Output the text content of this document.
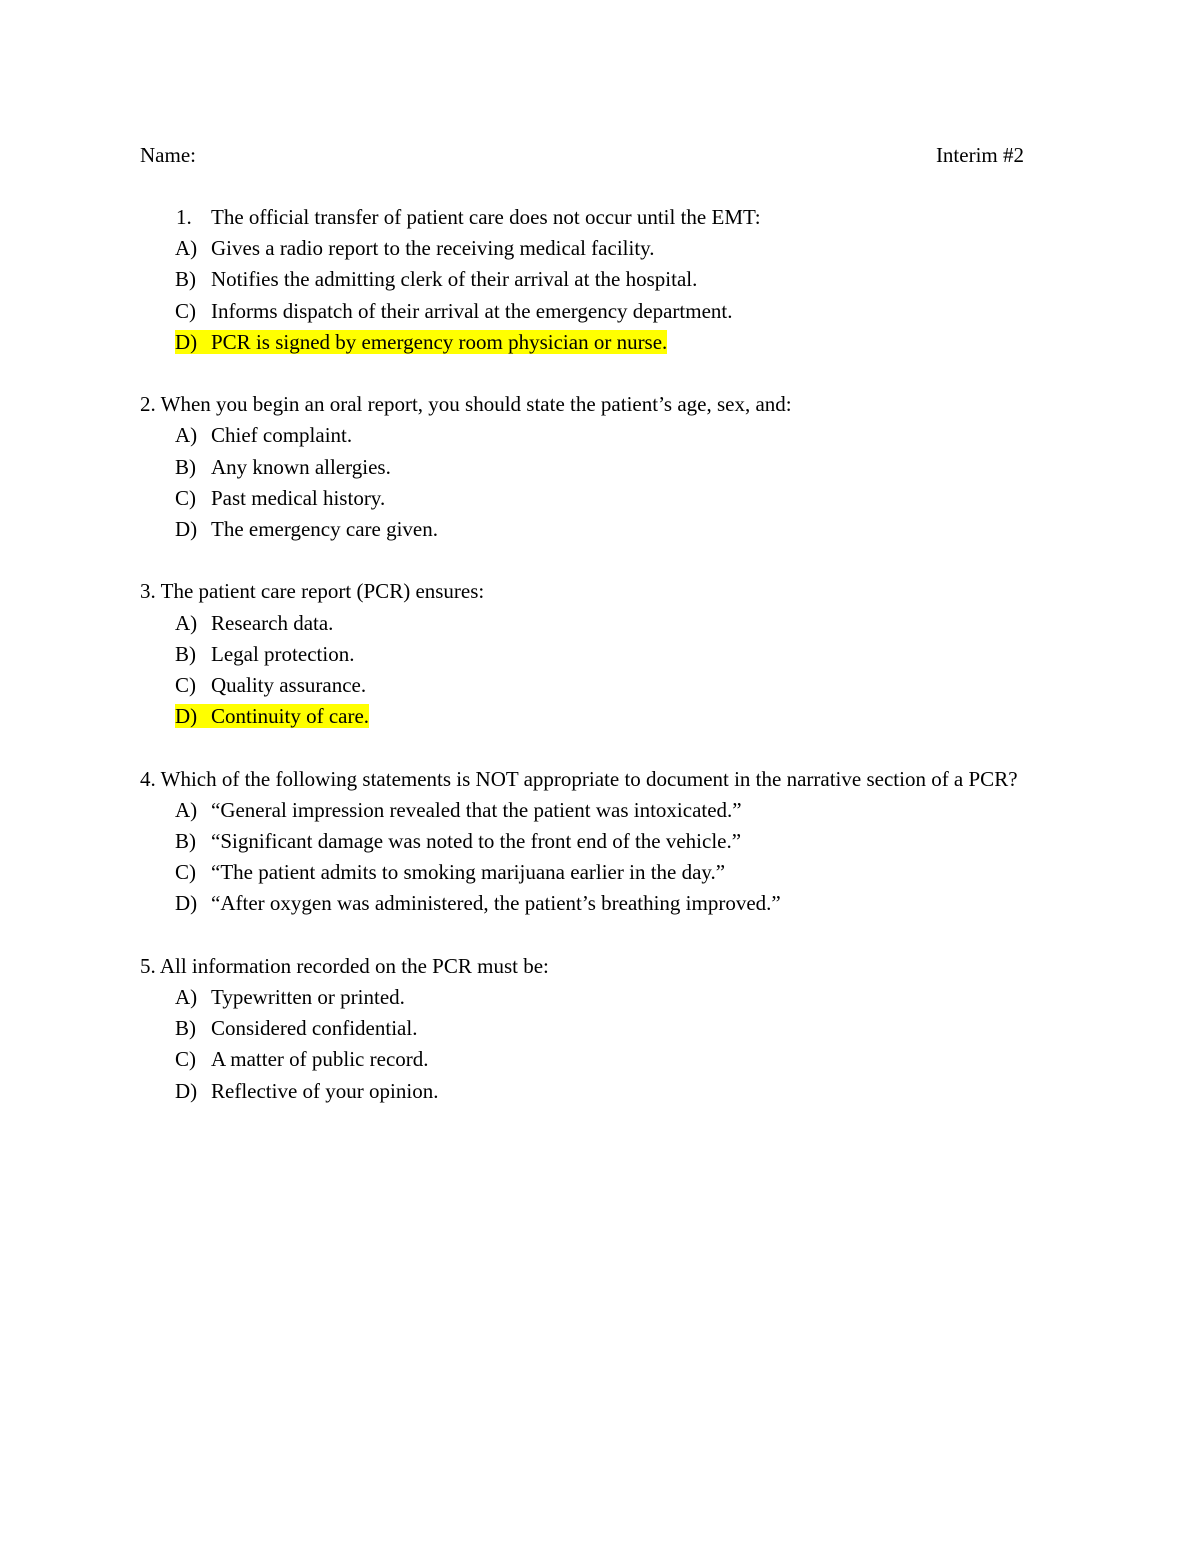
Name:	Interim #2
1. The official transfer of patient care does not occur until the EMT:
A) Gives a radio report to the receiving medical facility.
B) Notifies the admitting clerk of their arrival at the hospital.
C) Informs dispatch of their arrival at the emergency department.
D) PCR is signed by emergency room physician or nurse.
2. When you begin an oral report, you should state the patient’s age, sex, and:
A) Chief complaint.
B) Any known allergies.
C) Past medical history.
D) The emergency care given.
3. The patient care report (PCR) ensures:
A) Research data.
B) Legal protection.
C) Quality assurance.
D) Continuity of care.
4. Which of the following statements is NOT appropriate to document in the narrative section of a PCR?
A) “General impression revealed that the patient was intoxicated.”
B) “Significant damage was noted to the front end of the vehicle.”
C) “The patient admits to smoking marijuana earlier in the day.”
D) “After oxygen was administered, the patient’s breathing improved.”
5. All information recorded on the PCR must be:
A) Typewritten or printed.
B) Considered confidential.
C) A matter of public record.
D) Reflective of your opinion.
